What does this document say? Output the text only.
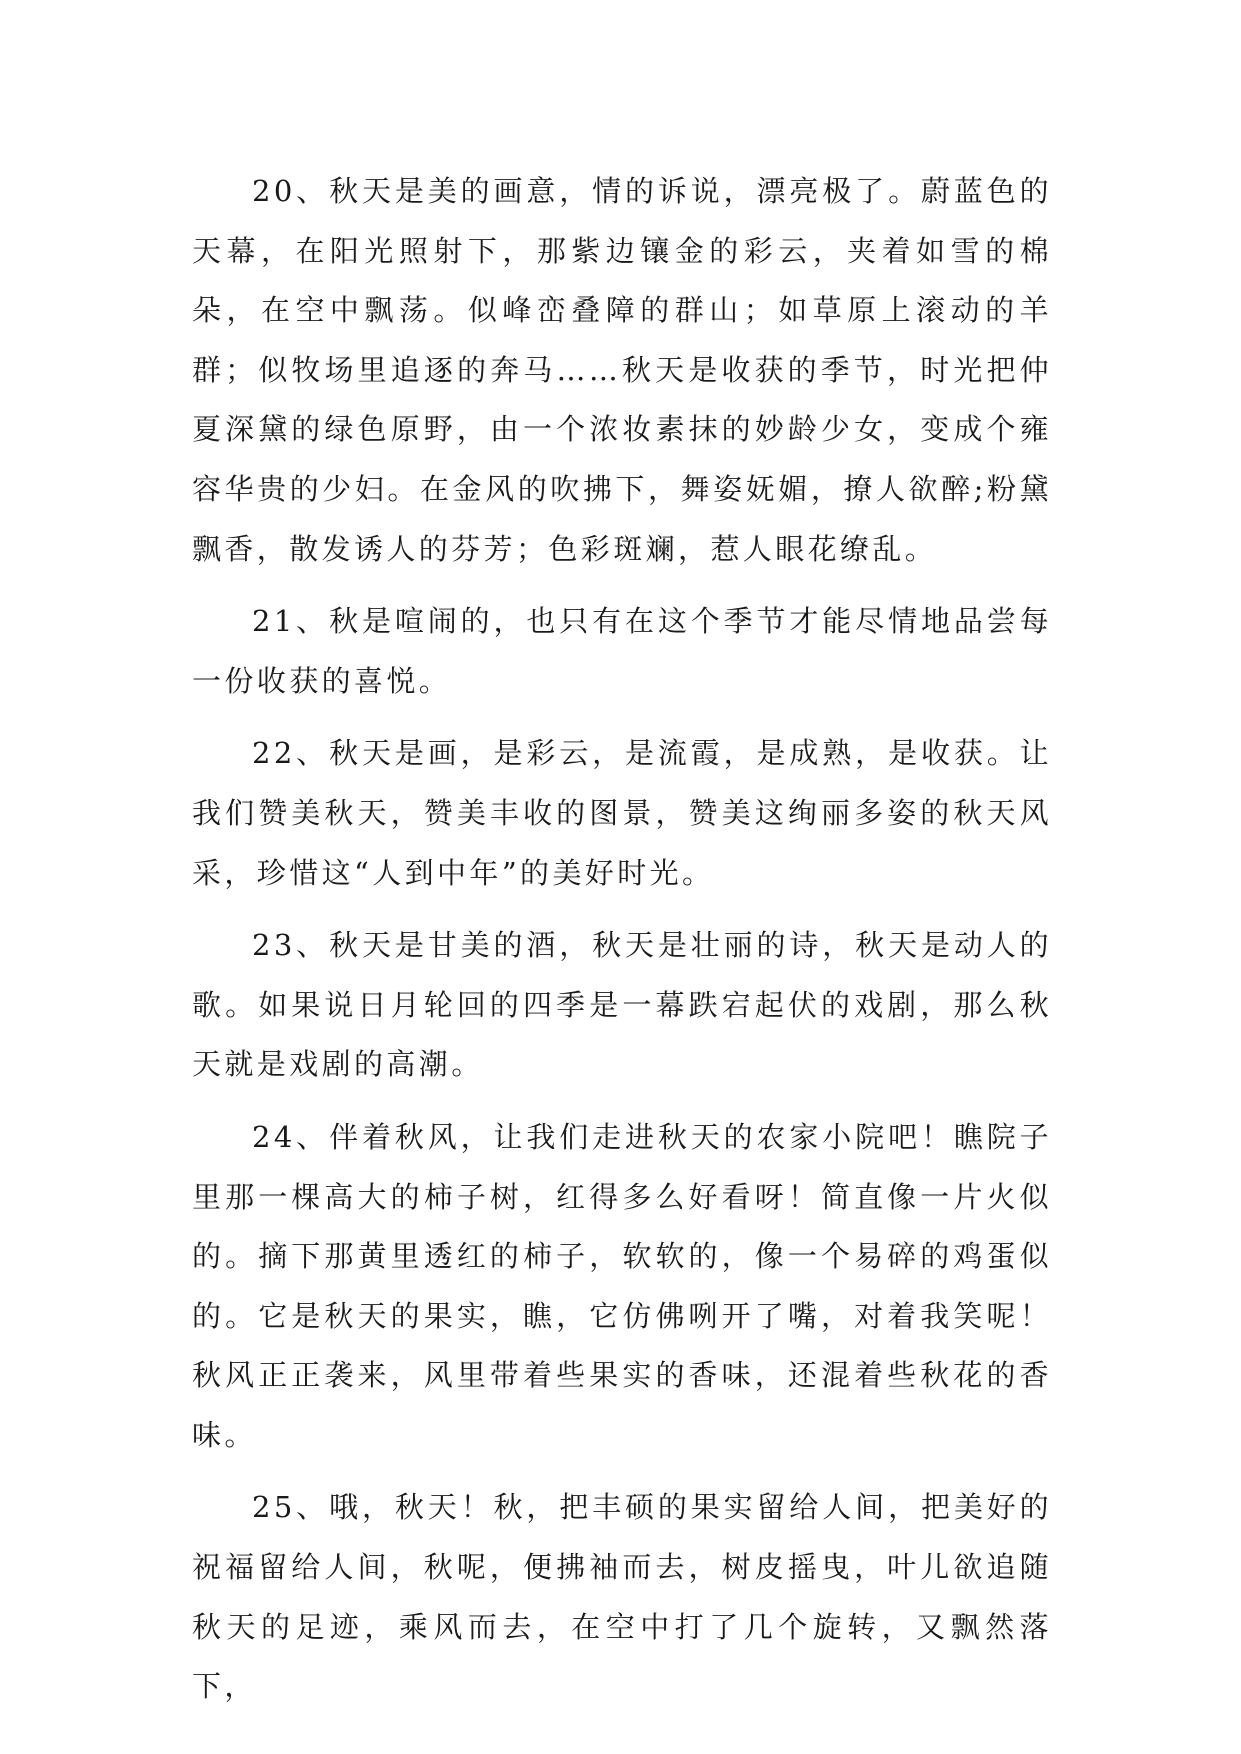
20、秋天是美的画意，情的诉说，漂亮极了。蔚蓝色的天幕，在阳光照射下，那紫边镶金的彩云，夹着如雪的棉朵，在空中飘荡。似峰峦叠障的群山；如草原上滚动的羊群；似牧场里追逐的奔马……秋天是收获的季节，时光把仲夏深黛的绿色原野，由一个浓妆素抹的妙龄少女，变成个雍容华贵的少妇。在金风的吹拂下，舞姿妩媚，撩人欲醉;粉黛飘香，散发诱人的芬芳；色彩斑斓，惹人眼花缭乱。

21、秋是喧闹的，也只有在这个季节才能尽情地品尝每一份收获的喜悦。

22、秋天是画，是彩云，是流霞，是成熟，是收获。让我们赞美秋天，赞美丰收的图景，赞美这绚丽多姿的秋天风采，珍惜这“人到中年”的美好时光。

23、秋天是甘美的酒，秋天是壮丽的诗，秋天是动人的歌。如果说日月轮回的四季是一幕跌宕起伏的戏剧，那么秋天就是戏剧的高潮。

24、伴着秋风，让我们走进秋天的农家小院吧！瞧院子里那一棵高大的柿子树，红得多么好看呀！简直像一片火似的。摘下那黄里透红的柿子，软软的，像一个易碎的鸡蛋似的。它是秋天的果实，瞧，它仿佛咧开了嘴，对着我笑呢！秋风正正袭来，风里带着些果实的香味，还混着些秋花的香味。

25、哦，秋天！秋，把丰硕的果实留给人间，把美好的祝福留给人间，秋呢，便拂袖而去，树皮摇曳，叶儿欲追随秋天的足迹，乘风而去，在空中打了几个旋转，又飘然落下，
